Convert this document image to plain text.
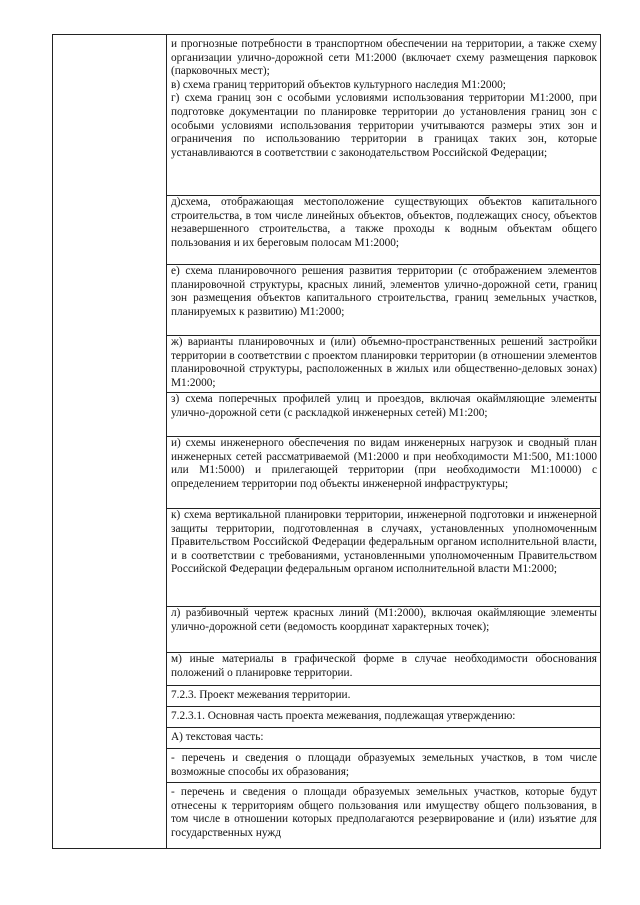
и прогнозные потребности в транспортном обеспечении на территории, а также схему организации улично-дорожной сети М1:2000 (включает схему размещения парковок (парковочных мест);
в) схема границ территорий объектов культурного наследия М1:2000;
г) схема границ зон с особыми условиями использования территории М1:2000, при подготовке документации по планировке территории до установления границ зон с особыми условиями использования территории учитываются размеры этих зон и ограничения по использованию территории в границах таких зон, которые устанавливаются в соответствии с законодательством Российской Федерации;

д)схема, отображающая местоположение существующих объектов капитального строительства, в том числе линейных объектов, объектов, подлежащих сносу, объектов незавершенного строительства, а также проходы к водным объектам общего пользования и их береговым полосам М1:2000;

е) схема планировочного решения развития территории (с отображением элементов планировочной структуры, красных линий, элементов улично-дорожной сети, границ зон размещения объектов капитального строительства, границ земельных участков, планируемых к развитию) М1:2000;

ж) варианты планировочных и (или) объемно-пространственных решений застройки территории в соответствии с проектом планировки территории (в отношении элементов планировочной структуры, расположенных в жилых или общественно-деловых зонах) М1:2000;

з) схема поперечных профилей улиц и проездов, включая окаймляющие элементы улично-дорожной сети (с раскладкой инженерных сетей) М1:200;

и) схемы инженерного обеспечения по видам инженерных нагрузок и сводный план инженерных сетей рассматриваемой (М1:2000 и при необходимости М1:500, М1:1000 или М1:5000) и прилегающей территории (при необходимости М1:10000) с определением территории под объекты инженерной инфраструктуры;

к) схема вертикальной планировки территории, инженерной подготовки и инженерной защиты территории, подготовленная в случаях, установленных уполномоченным Правительством Российской Федерации федеральным органом исполнительной власти, и в соответствии с требованиями, установленными уполномоченным Правительством Российской Федерации федеральным органом исполнительной власти М1:2000;

л) разбивочный чертеж красных линий (М1:2000), включая окаймляющие элементы улично-дорожной сети (ведомость координат характерных точек);

м) иные материалы в графической форме в случае необходимости обоснования положений о планировке территории.

7.2.3. Проект межевания территории.

7.2.3.1. Основная часть проекта межевания, подлежащая утверждению:

А) текстовая часть:

- перечень и сведения о площади образуемых земельных участков, в том числе возможные способы их образования;

- перечень и сведения о площади образуемых земельных участков, которые будут отнесены к территориям общего пользования или имуществу общего пользования, в том числе в отношении которых предполагаются резервирование и (или) изъятие для государственных нужд
